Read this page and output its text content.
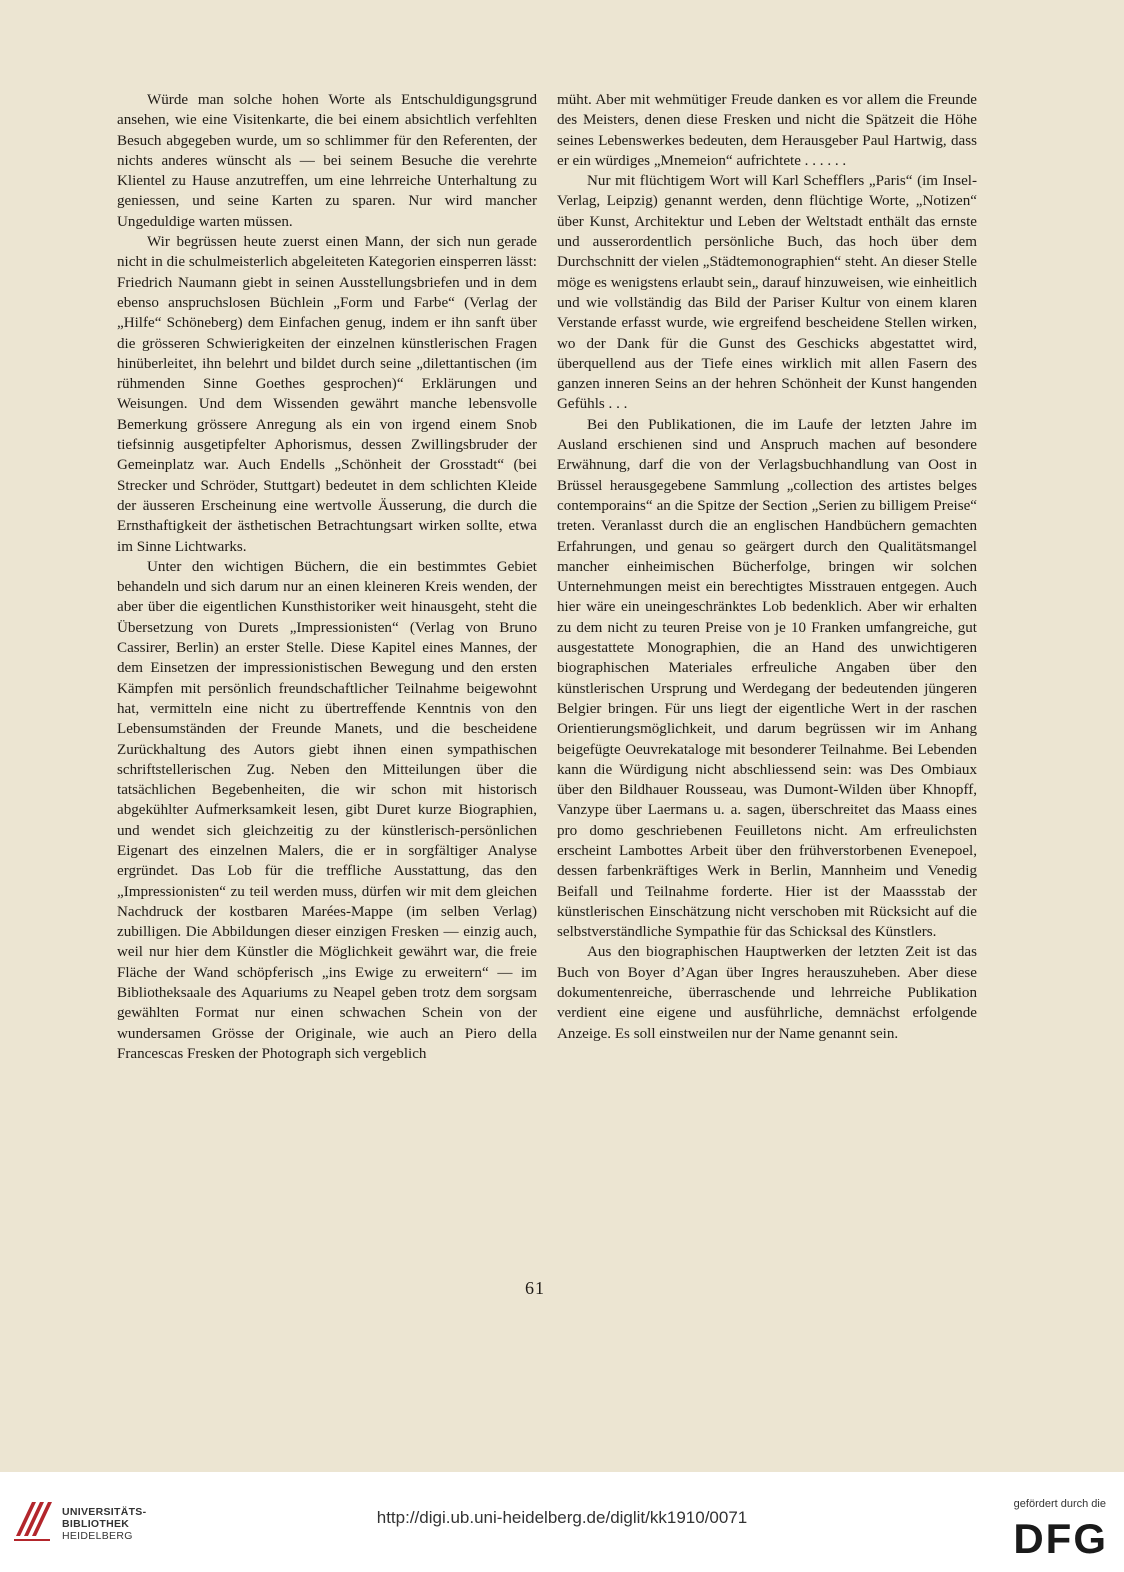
Würde man solche hohen Worte als Entschuldigungsgrund ansehen, wie eine Visitenkarte, die bei einem absichtlich verfehlten Besuch abgegeben wurde, um so schlimmer für den Referenten, der nichts anderes wünscht als — bei seinem Besuche die verehrte Klientel zu Hause anzutreffen, um eine lehrreiche Unterhaltung zu geniessen, und seine Karten zu sparen. Nur wird mancher Ungeduldige warten müssen.

Wir begrüssen heute zuerst einen Mann, der sich nun gerade nicht in die schulmeisterlich abgeleiteten Kategorien einsperren lässt: Friedrich Naumann giebt in seinen Ausstellungsbriefen und in dem ebenso anspruchslosen Büchlein „Form und Farbe“ (Verlag der „Hilfe“ Schöneberg) dem Einfachen genug, indem er ihn sanft über die grösseren Schwierigkeiten der einzelnen künstlerischen Fragen hinüberleitet, ihn belehrt und bildet durch seine „dilettantischen (im rühmenden Sinne Goethes gesprochen)“ Erklärungen und Weisungen. Und dem Wissenden gewährt manche lebensvolle Bemerkung grössere Anregung als ein von irgend einem Snob tiefsinnig ausgetipfelter Aphorismus, dessen Zwillingsbruder der Gemeinplatz war. Auch Endells „Schönheit der Grosstadt“ (bei Strecker und Schröder, Stuttgart) bedeutet in dem schlichten Kleide der äusseren Erscheinung eine wertvolle Äusserung, die durch die Ernsthaftigkeit der ästhetischen Betrachtungsart wirken sollte, etwa im Sinne Lichtwarks.

Unter den wichtigen Büchern, die ein bestimmtes Gebiet behandeln und sich darum nur an einen kleineren Kreis wenden, der aber über die eigentlichen Kunsthistoriker weit hinausgeht, steht die Übersetzung von Durets „Impressionisten“ (Verlag von Bruno Cassirer, Berlin) an erster Stelle. Diese Kapitel eines Mannes, der dem Einsetzen der impressionistischen Bewegung und den ersten Kämpfen mit persönlich freundschaftlicher Teilnahme beigewohnt hat, vermitteln eine nicht zu übertreffende Kenntnis von den Lebensumständen der Freunde Manets, und die bescheidene Zurückhaltung des Autors giebt ihnen einen sympathischen schriftstellerischen Zug. Neben den Mitteilungen über die tatsächlichen Begebenheiten, die wir schon mit historisch abgekühlter Aufmerksamkeit lesen, gibt Duret kurze Biographien, und wendet sich gleichzeitig zu der künstlerisch-persönlichen Eigenart des einzelnen Malers, die er in sorgfältiger Analyse ergründet. Das Lob für die treffliche Ausstattung, das den „Impressionisten“ zu teil werden muss, dürfen wir mit dem gleichen Nachdruck der kostbaren Marées-Mappe (im selben Verlag) zubilligen. Die Abbildungen dieser einzigen Fresken — einzig auch, weil nur hier dem Künstler die Möglichkeit gewährt war, die freie Fläche der Wand schöpferisch „ins Ewige zu erweitern“ — im Bibliotheksaale des Aquariums zu Neapel geben trotz dem sorgsam gewählten Format nur einen schwachen Schein von der wundersamen Grösse der Originale, wie auch an Piero della Francescas Fresken der Photograph sich vergeblich

müht. Aber mit wehmütiger Freude danken es vor allem die Freunde des Meisters, denen diese Fresken und nicht die Spätzeit die Höhe seines Lebenswerkes bedeuten, dem Herausgeber Paul Hartwig, dass er ein würdiges „Mnemeion“ aufrichtete . . . . . .

Nur mit flüchtigem Wort will Karl Schefflers „Paris“ (im Insel-Verlag, Leipzig) genannt werden, denn flüchtige Worte, „Notizen“ über Kunst, Architektur und Leben der Weltstadt enthält das ernste und ausserordentlich persönliche Buch, das hoch über dem Durchschnitt der vielen „Städtemonographien“ steht. An dieser Stelle möge es wenigstens erlaubt sein„ darauf hinzuweisen, wie einheitlich und wie vollständig das Bild der Pariser Kultur von einem klaren Verstande erfasst wurde, wie ergreifend bescheidene Stellen wirken, wo der Dank für die Gunst des Geschicks abgestattet wird, überquellend aus der Tiefe eines wirklich mit allen Fasern des ganzen inneren Seins an der hehren Schönheit der Kunst hangenden Gefühls . . .

Bei den Publikationen, die im Laufe der letzten Jahre im Ausland erschienen sind und Anspruch machen auf besondere Erwähnung, darf die von der Verlagsbuchhandlung van Oost in Brüssel herausgegebene Sammlung „collection des artistes belges contemporains“ an die Spitze der Section „Serien zu billigem Preise“ treten. Veranlasst durch die an englischen Handbüchern gemachten Erfahrungen, und genau so geärgert durch den Qualitätsmangel mancher einheimischen Bücherfolge, bringen wir solchen Unternehmungen meist ein berechtigtes Misstrauen entgegen. Auch hier wäre ein uneingeschränktes Lob bedenklich. Aber wir erhalten zu dem nicht zu teuren Preise von je 10 Franken umfangreiche, gut ausgestattete Monographien, die an Hand des unwichtigeren biographischen Materiales erfreuliche Angaben über den künstlerischen Ursprung und Werdegang der bedeutenden jüngeren Belgier bringen. Für uns liegt der eigentliche Wert in der raschen Orientierungsmöglichkeit, und darum begrüssen wir im Anhang beigefügte Oeuvrekataloge mit besonderer Teilnahme. Bei Lebenden kann die Würdigung nicht abschliessend sein: was Des Ombiaux über den Bildhauer Rousseau, was Dumont-Wilden über Khnopff, Vanzype über Laermans u. a. sagen, überschreitet das Maass eines pro domo geschriebenen Feuilletons nicht. Am erfreulichsten erscheint Lambottes Arbeit über den frühverstorbenen Evenepoel, dessen farbenkräftiges Werk in Berlin, Mannheim und Venedig Beifall und Teilnahme forderte. Hier ist der Maassstab der künstlerischen Einschätzung nicht verschoben mit Rücksicht auf die selbstverständliche Sympathie für das Schicksal des Künstlers.

Aus den biographischen Hauptwerken der letzten Zeit ist das Buch von Boyer d’Agan über Ingres herauszuheben. Aber diese dokumentenreiche, überraschende und lehrreiche Publikation verdient eine eigene und ausführliche, demnächst erfolgende Anzeige. Es soll einstweilen nur der Name genannt sein.

61
UNIVERSITÄTS-
BIBLIOTHEK
HEIDELBERG
http://digi.ub.uni-heidelberg.de/diglit/kk1910/0071
gefördert durch die
DFG
